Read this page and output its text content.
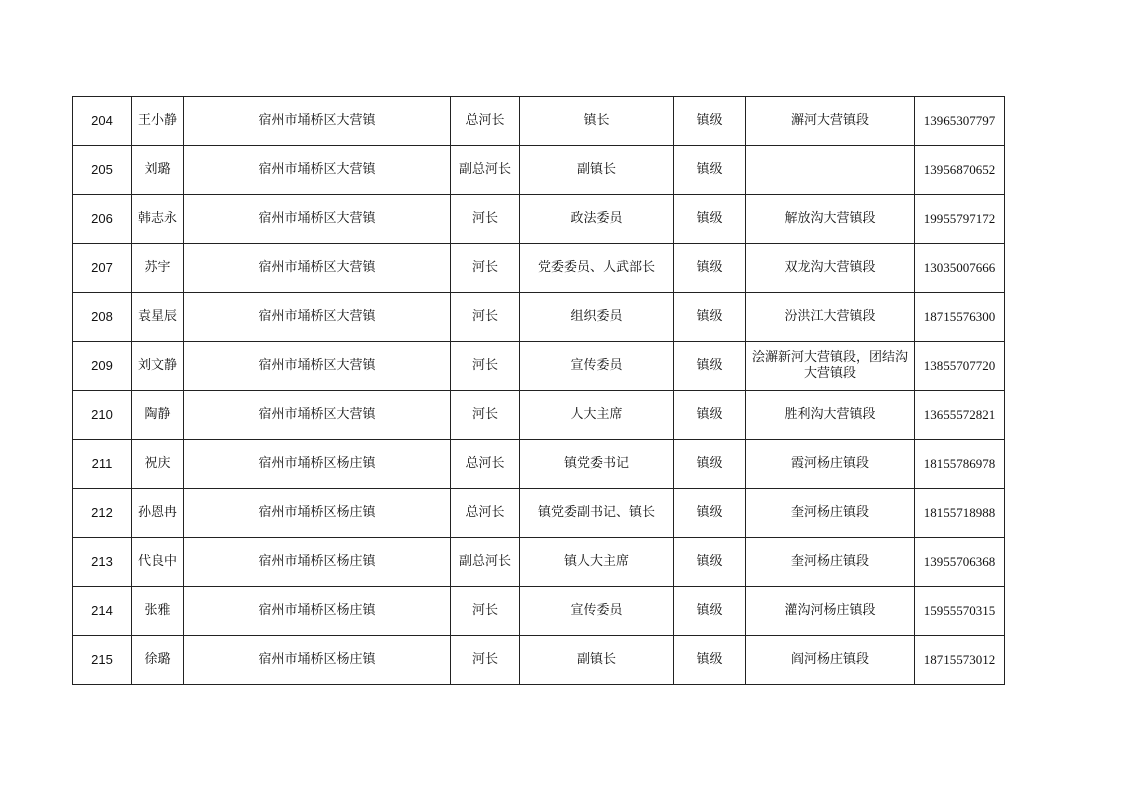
204	王小静	宿州市埇桥区大营镇	总河长	镇长	镇级	澥河大营镇段	13965307797
205	刘璐	宿州市埇桥区大营镇	副总河长	副镇长	镇级		13956870652
206	韩志永	宿州市埇桥区大营镇	河长	政法委员	镇级	解放沟大营镇段	19955797172
207	苏宇	宿州市埇桥区大营镇	河长	党委委员、人武部长	镇级	双龙沟大营镇段	13035007666
208	袁星辰	宿州市埇桥区大营镇	河长	组织委员	镇级	汾洪江大营镇段	18715576300
209	刘文静	宿州市埇桥区大营镇	河长	宣传委员	镇级	浍澥新河大营镇段，团结沟大营镇段	13855707720
210	陶静	宿州市埇桥区大营镇	河长	人大主席	镇级	胜利沟大营镇段	13655572821
211	祝庆	宿州市埇桥区杨庄镇	总河长	镇党委书记	镇级	霞河杨庄镇段	18155786978
212	孙恩冉	宿州市埇桥区杨庄镇	总河长	镇党委副书记、镇长	镇级	奎河杨庄镇段	18155718988
213	代良中	宿州市埇桥区杨庄镇	副总河长	镇人大主席	镇级	奎河杨庄镇段	13955706368
214	张雅	宿州市埇桥区杨庄镇	河长	宣传委员	镇级	灌沟河杨庄镇段	15955570315
215	徐璐	宿州市埇桥区杨庄镇	河长	副镇长	镇级	阎河杨庄镇段	18715573012
